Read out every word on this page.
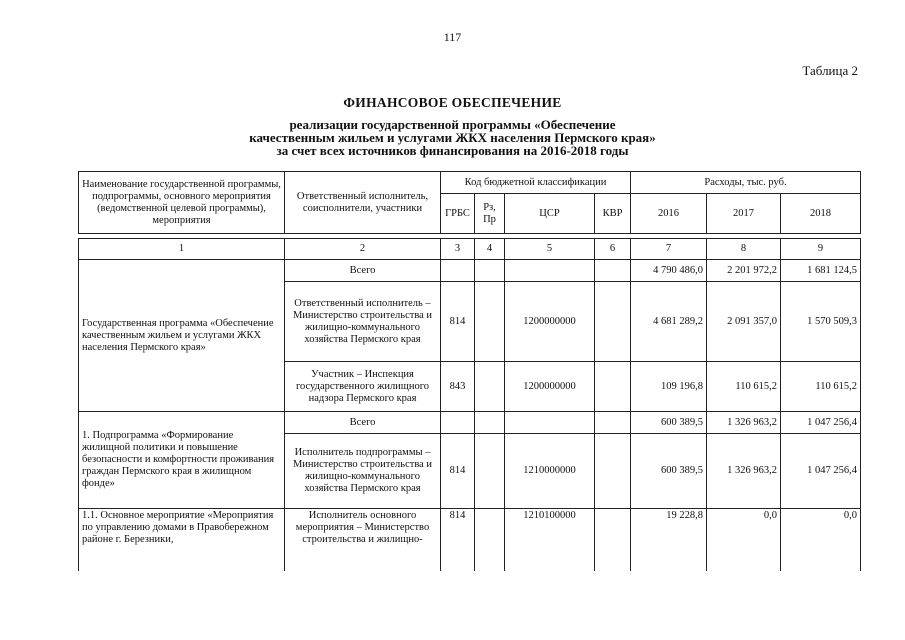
117
Таблица 2
ФИНАНСОВОЕ ОБЕСПЕЧЕНИЕ
реализации государственной программы «Обеспечение
качественным жильем и услугами ЖКХ населения Пермского края»
за счет всех источников финансирования на 2016-2018 годы
Наименование государственной программы, подпрограммы, основного мероприятия (ведомственной целевой программы), мероприятия	Ответственный исполнитель, соисполнители, участники	Код бюджетной классификации				Расходы, тыс. руб.		
		ГРБС	Рз, Пр	ЦСР	КВР	2016	2017	2018

1	2	3	4	5	6	7	8	9
Государственная программа «Обеспечение качественным жильем и услугами ЖКХ населения Пермского края»	Всего					4 790 486,0	2 201 972,2	1 681 124,5
	Ответственный исполнитель – Министерство строительства и жилищно-коммунального хозяйства Пермского края	814		1200000000		4 681 289,2	2 091 357,0	1 570 509,3
	Участник – Инспекция государственного жилищного надзора Пермского края	843		1200000000		109 196,8	110 615,2	110 615,2
1. Подпрограмма «Формирование жилищной политики и повышение безопасности и комфортности проживания граждан Пермского края в жилищном фонде»	Всего					600 389,5	1 326 963,2	1 047 256,4
	Исполнитель подпрограммы – Министерство строительства и жилищно-коммунального хозяйства Пермского края	814		1210000000		600 389,5	1 326 963,2	1 047 256,4
1.1. Основное мероприятие «Мероприятия по управлению домами в Правобережном районе г. Березники,	Исполнитель основного мероприятия – Министерство строительства и жилищно-	814		1210100000		19 228,8	0,0	0,0
